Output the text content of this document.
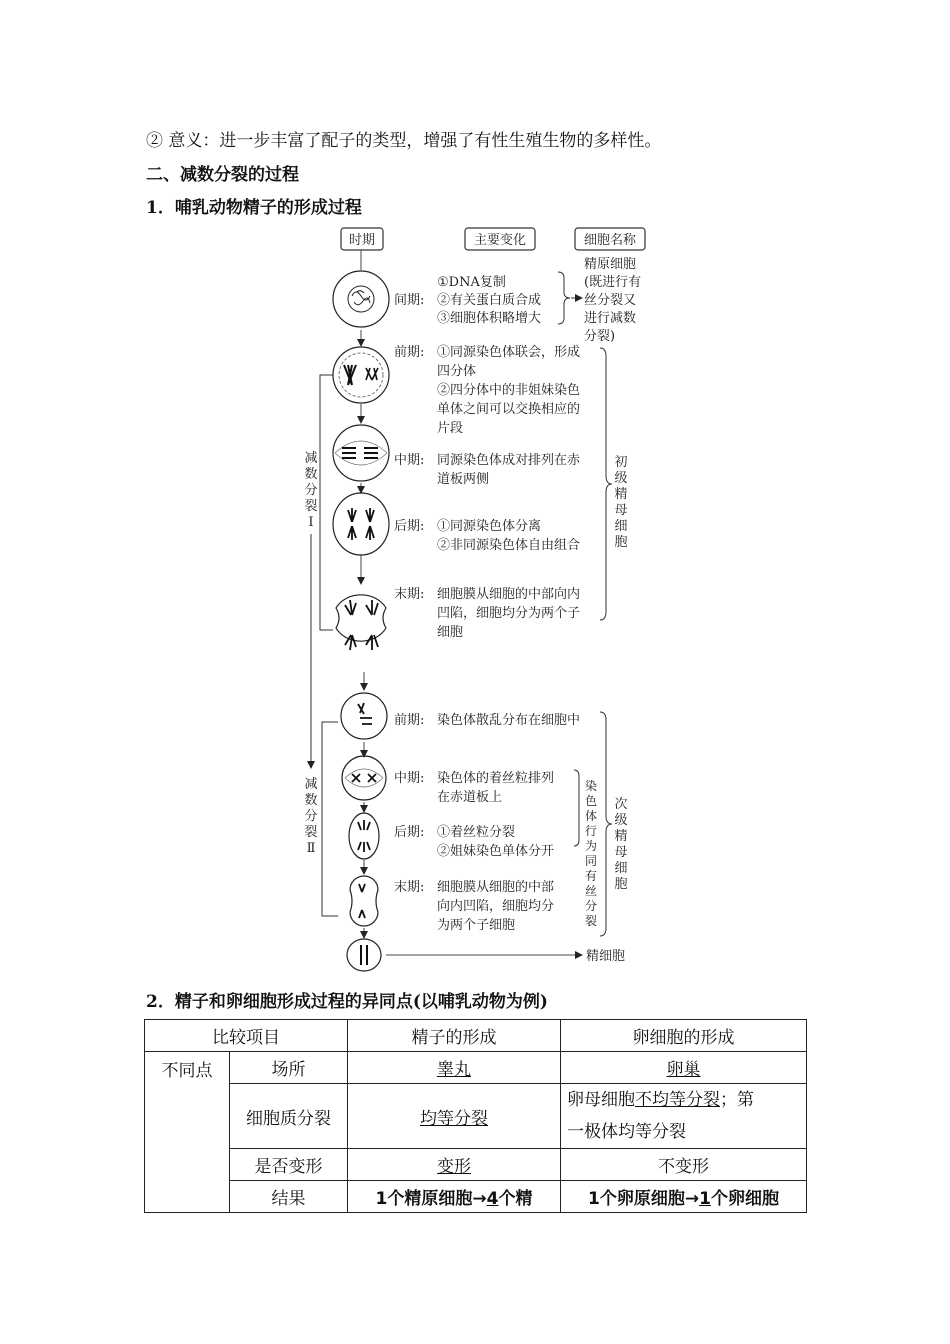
② 意义：进一步丰富了配子的类型，增强了有性生殖生物的多样性。
二、减数分裂的过程
1．哺乳动物精子的形成过程
时期	主要变化	细胞名称
间期:
①DNA复制
②有关蛋白质合成
③细胞体积略增大
精原细胞
(既进行有
丝分裂又
进行减数
分裂)
减
数
分
裂
Ⅰ
前期: ①同源染色体联会，形成
四分体
②四分体中的非姐妹染色
单体之间可以交换相应的
片段
中期: 同源染色体成对排列在赤
道板两侧
后期: ①同源染色体分离
②非同源染色体自由组合
末期: 细胞膜从细胞的中部向内
凹陷，细胞均分为两个子
细胞
初
级
精
母
细
胞
减
数
分
裂
Ⅱ
前期: 染色体散乱分布在细胞中
中期: 染色体的着丝粒排列
在赤道板上
后期: ①着丝粒分裂
②姐妹染色单体分开
末期: 细胞膜从细胞的中部
向内凹陷，细胞均分
为两个子细胞
染
色
体
行
为
同
有
丝
分
裂
次
级
精
母
细
胞
精细胞
2．精子和卵细胞形成过程的异同点(以哺乳动物为例)
比较项目		精子的形成	卵细胞的形成
不同点	场所	睾丸	卵巢
	细胞质分裂	均等分裂	卵母细胞不均等分裂；第
一极体均等分裂
	是否变形	变形	不变形
	结果	1个精原细胞→4个精	1个卵原细胞→1个卵细胞
